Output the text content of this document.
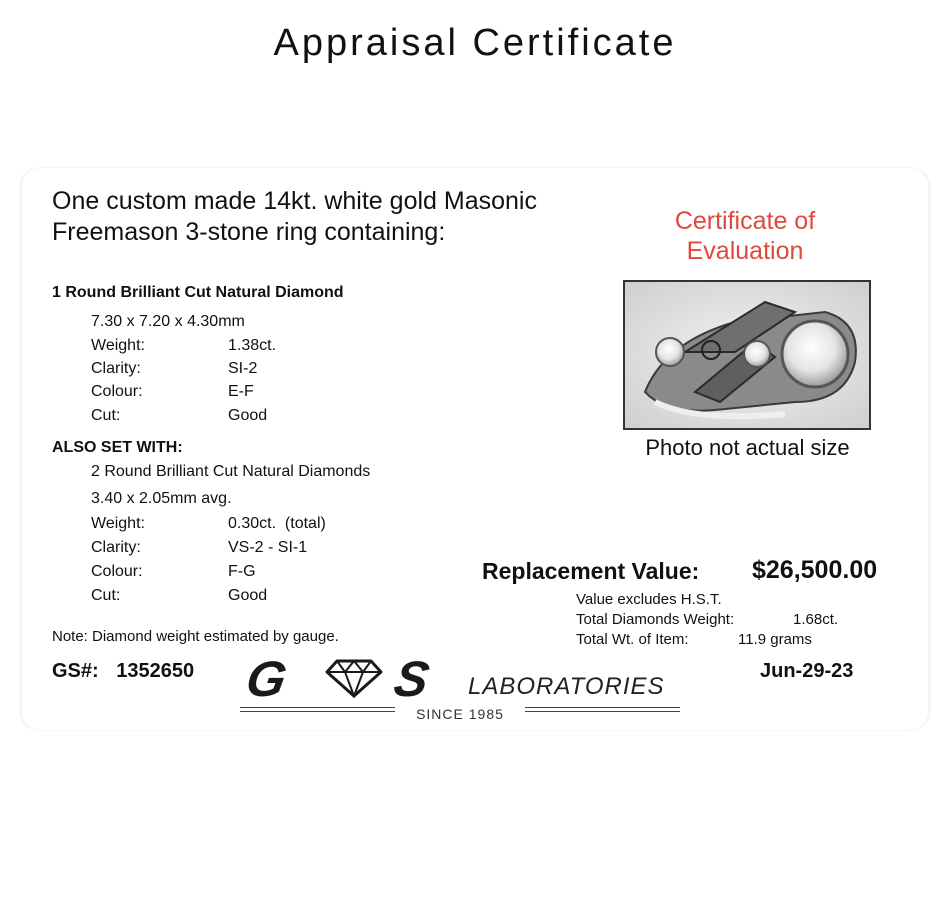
Appraisal Certificate
One custom made 14kt. white gold Masonic
Freemason 3-stone ring containing:
1 Round Brilliant Cut Natural Diamond
7.30 x 7.20 x 4.30mm
Weight:	1.38ct.
Clarity:	SI-2
Colour:	E-F
Cut:	Good
ALSO SET WITH:
2 Round Brilliant Cut Natural Diamonds
3.40 x 2.05mm avg.
Weight:	0.30ct.  (total)
Clarity:	VS-2 - SI-1
Colour:	F-G
Cut:	Good
Note: Diamond weight estimated by gauge.
Certificate of
Evaluation
Photo not actual size
Replacement Value: $26,500.00
Value excludes H.S.T.
Total Diamonds Weight:	1.68ct.
Total Wt. of Item:	11.9 grams
GS#: 1352650 G S LABORATORIES
SINCE 1985
Jun-29-23
